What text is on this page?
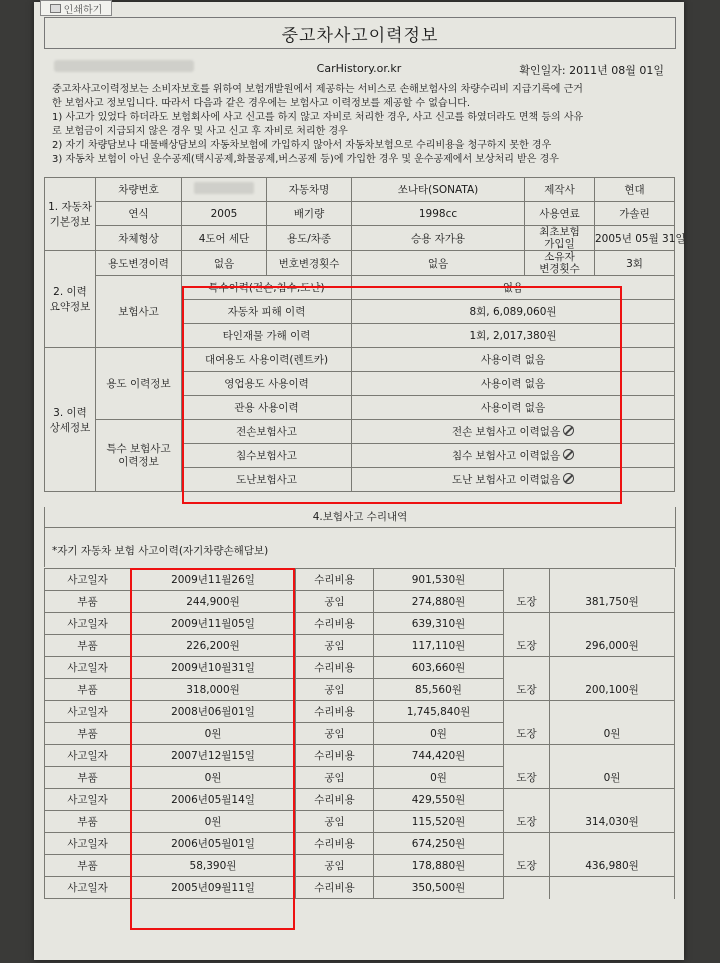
인쇄하기
중고차사고이력정보
CarHistory.or.kr	확인일자: 2011년 08월 01일
중고차사고이력정보는 소비자보호를 위하여 보험개발원에서 제공하는 서비스로 손해보험사의 차량수리비 지급기록에 근거
한 보험사고 정보입니다. 따라서 다음과 같은 경우에는 보험사고 이력정보를 제공할 수 없습니다.
1) 사고가 있었다 하더라도 보험회사에 사고 신고를 하지 않고 자비로 처리한 경우, 사고 신고를 하였더라도 면책 등의 사유
로 보험금이 지급되지 않은 경우 및 사고 신고 후 자비로 처리한 경우
2) 자기 차량담보나 대물배상담보의 자동차보험에 가입하지 않아서 자동차보험으로 수리비용을 청구하지 못한 경우
3) 자동차 보험이 아닌 운수공제(택시공제,화물공제,버스공제 등)에 가입한 경우 및 운수공제에서 보상처리 받은 경우
1. 자동차
기본정보	차량번호		자동차명	쏘나타(SONATA)	제작사	현대
	연식	2005	배기량	1998cc	사용연료	가솔린
	차체형상	4도어 세단	용도/차종	승용 자가용	최초보험
가입일	2005년 05월 31일
2. 이력
요약정보	용도변경이력	없음	번호변경횟수	없음	소유자
변경횟수	3회
	보험사고	특수이력(전손,침수,도난)		없음		
		자동차 피해 이력		8회, 6,089,060원		
		타인재물 가해 이력		1회, 2,017,380원		
3. 이력
상세정보	용도 이력정보	대여용도 사용이력(렌트카)		사용이력 없음		
		영업용도 사용이력		사용이력 없음		
		관용 사용이력		사용이력 없음		
	특수 보험사고
이력정보	전손보험사고		전손 보험사고 이력없음		
		침수보험사고		침수 보험사고 이력없음		
		도난보험사고		도난 보험사고 이력없음		
4.보험사고 수리내역
*자기 자동차 보험 사고이력(자기차량손해담보)
사고일자	2009년11월26일	수리비용	901,530원		
부품	244,900원	공임	274,880원	도장	381,750원
사고일자	2009년11월05일	수리비용	639,310원		
부품	226,200원	공임	117,110원	도장	296,000원
사고일자	2009년10월31일	수리비용	603,660원		
부품	318,000원	공임	85,560원	도장	200,100원
사고일자	2008년06월01일	수리비용	1,745,840원		
부품	0원	공임	0원	도장	0원
사고일자	2007년12월15일	수리비용	744,420원		
부품	0원	공임	0원	도장	0원
사고일자	2006년05월14일	수리비용	429,550원		
부품	0원	공임	115,520원	도장	314,030원
사고일자	2006년05월01일	수리비용	674,250원		
부품	58,390원	공임	178,880원	도장	436,980원
사고일자	2005년09월11일	수리비용	350,500원		
